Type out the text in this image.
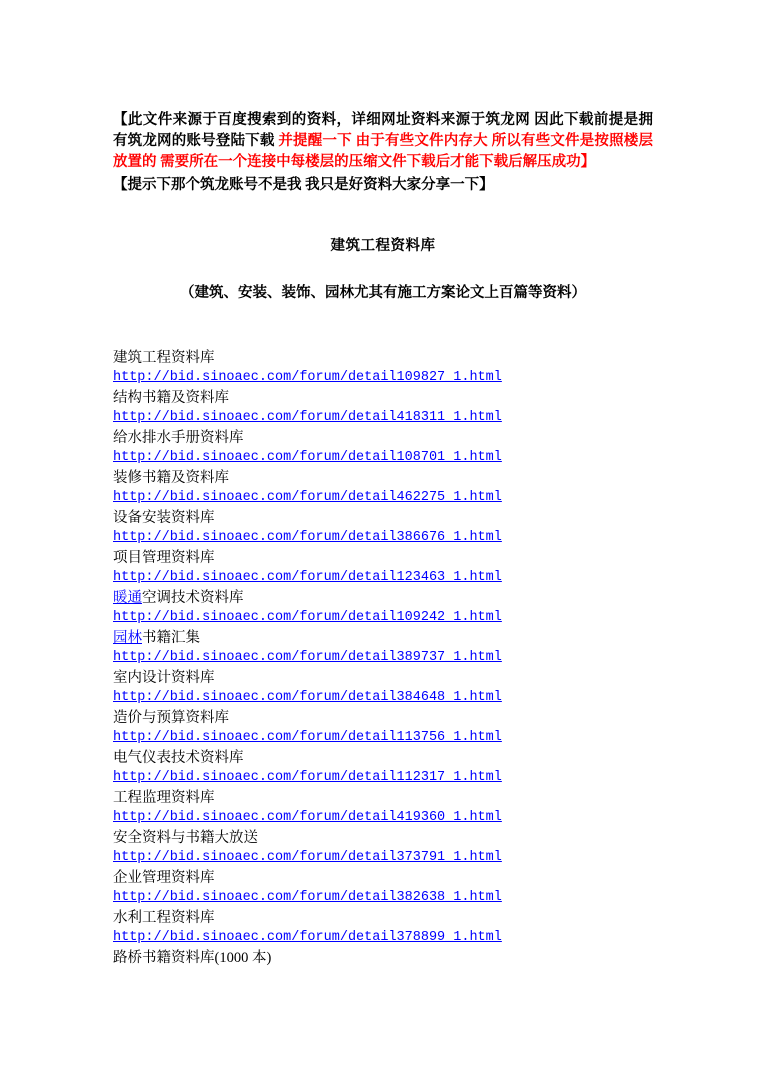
【此文件来源于百度搜索到的资料，详细网址资料来源于筑龙网 因此下载前提是拥有筑龙网的账号登陆下载 并提醒一下 由于有些文件内存大 所以有些文件是按照楼层放置的 需要所在一个连接中每楼层的压缩文件下载后才能下载后解压成功】

【提示下那个筑龙账号不是我 我只是好资料大家分享一下】

建筑工程资料库
（建筑、安装、装饰、园林尤其有施工方案论文上百篇等资料）
建筑工程资料库
http://bid.sinoaec.com/forum/detail109827_1.html
结构书籍及资料库
http://bid.sinoaec.com/forum/detail418311_1.html
给水排水手册资料库
http://bid.sinoaec.com/forum/detail108701_1.html
装修书籍及资料库
http://bid.sinoaec.com/forum/detail462275_1.html
设备安装资料库
http://bid.sinoaec.com/forum/detail386676_1.html
项目管理资料库
http://bid.sinoaec.com/forum/detail123463_1.html
暖通空调技术资料库
http://bid.sinoaec.com/forum/detail109242_1.html
园林书籍汇集
http://bid.sinoaec.com/forum/detail389737_1.html
室内设计资料库
http://bid.sinoaec.com/forum/detail384648_1.html
造价与预算资料库
http://bid.sinoaec.com/forum/detail113756_1.html
电气仪表技术资料库
http://bid.sinoaec.com/forum/detail112317_1.html
工程监理资料库
http://bid.sinoaec.com/forum/detail419360_1.html
安全资料与书籍大放送
http://bid.sinoaec.com/forum/detail373791_1.html
企业管理资料库
http://bid.sinoaec.com/forum/detail382638_1.html
水利工程资料库
http://bid.sinoaec.com/forum/detail378899_1.html
路桥书籍资料库(1000 本)
